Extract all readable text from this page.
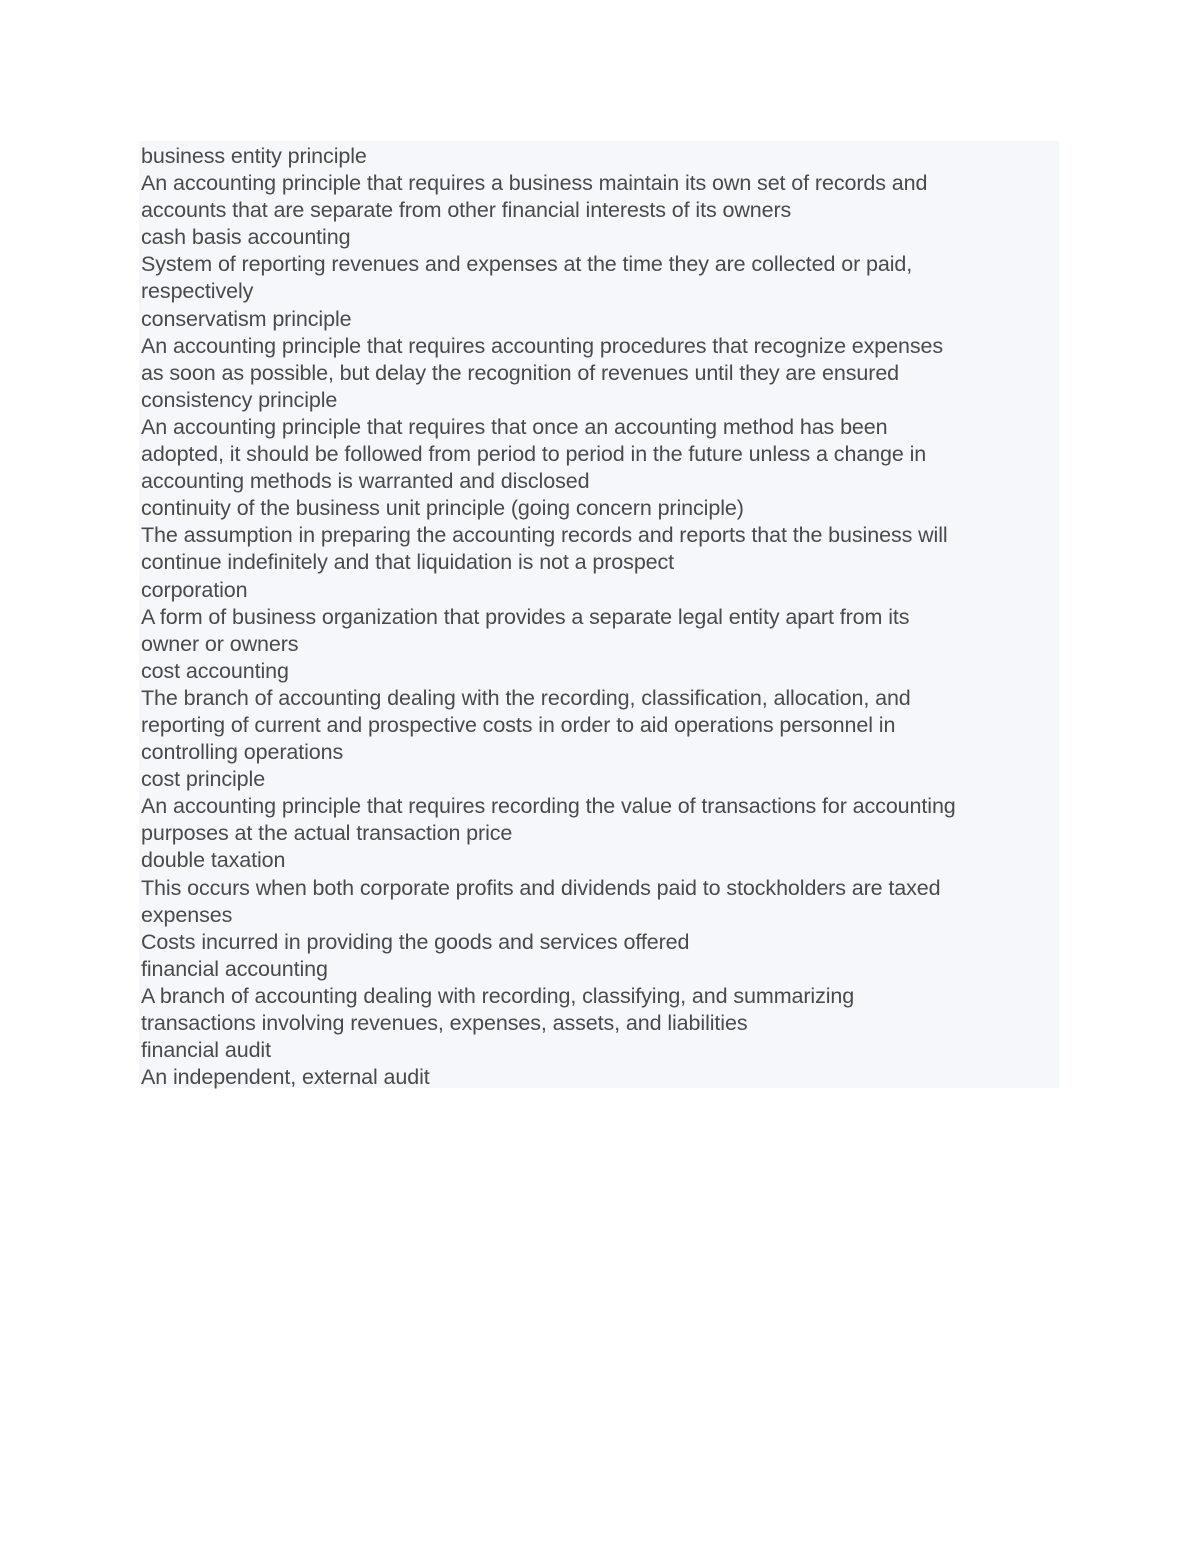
business entity principle
An accounting principle that requires a business maintain its own set of records and
accounts that are separate from other financial interests of its owners
cash basis accounting
System of reporting revenues and expenses at the time they are collected or paid,
respectively
conservatism principle
An accounting principle that requires accounting procedures that recognize expenses
as soon as possible, but delay the recognition of revenues until they are ensured
consistency principle
An accounting principle that requires that once an accounting method has been
adopted, it should be followed from period to period in the future unless a change in
accounting methods is warranted and disclosed
continuity of the business unit principle (going concern principle)
The assumption in preparing the accounting records and reports that the business will
continue indefinitely and that liquidation is not a prospect
corporation
A form of business organization that provides a separate legal entity apart from its
owner or owners
cost accounting
The branch of accounting dealing with the recording, classification, allocation, and
reporting of current and prospective costs in order to aid operations personnel in
controlling operations
cost principle
An accounting principle that requires recording the value of transactions for accounting
purposes at the actual transaction price
double taxation
This occurs when both corporate profits and dividends paid to stockholders are taxed
expenses
Costs incurred in providing the goods and services offered
financial accounting
A branch of accounting dealing with recording, classifying, and summarizing
transactions involving revenues, expenses, assets, and liabilities
financial audit
An independent, external audit
